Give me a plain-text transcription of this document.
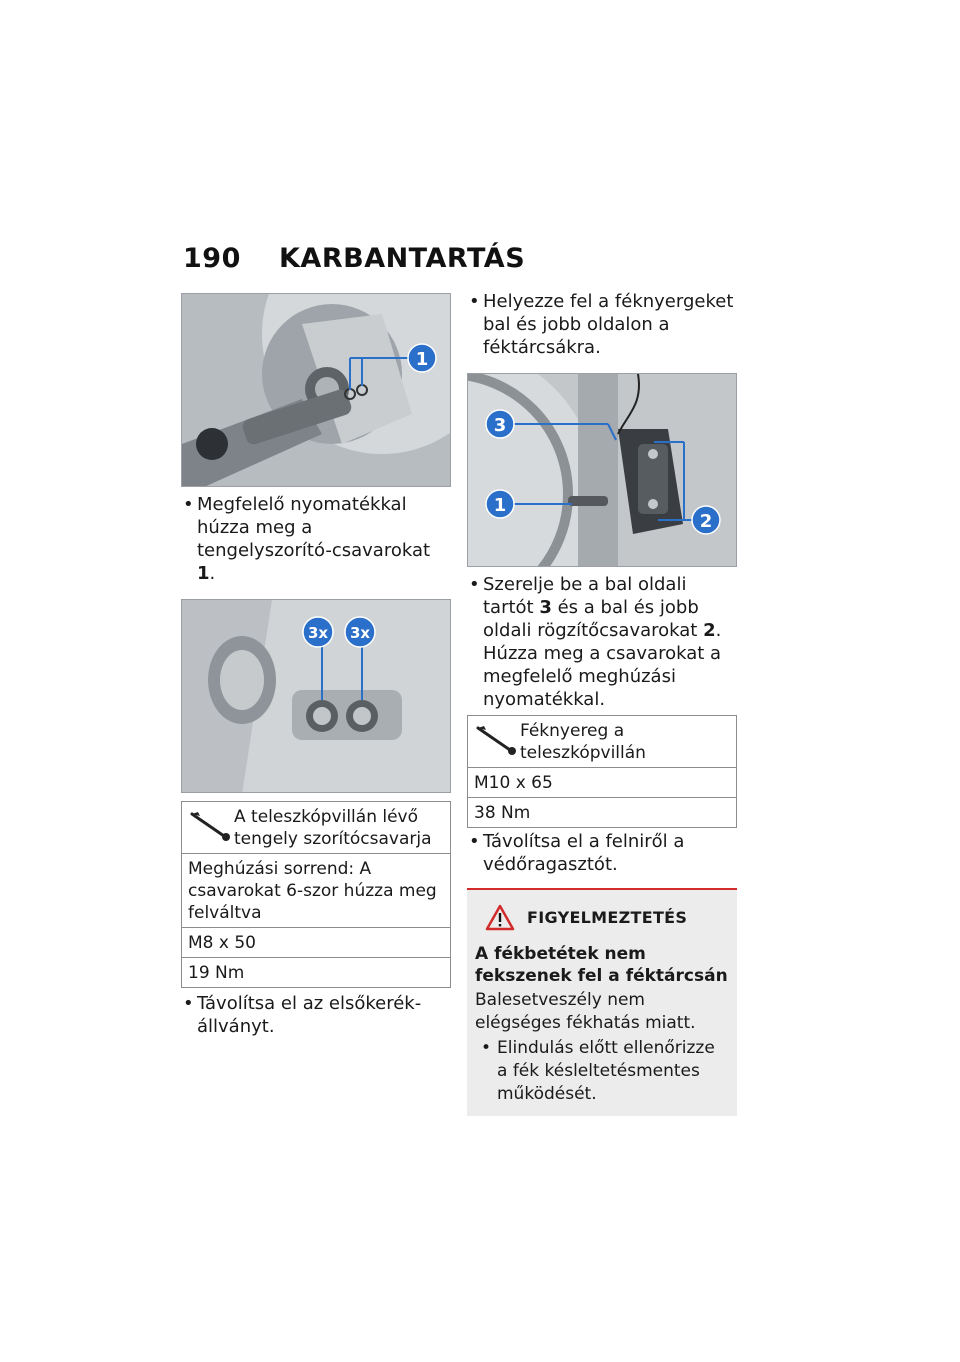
190 KARBANTARTÁS
1
• Megfelelő nyomatékkal húzza meg a tengelyszorító-csavarokat 1.
3x 3x
A teleszkópvillán lévő tengely szorítócsavarja
Meghúzási sorrend: A csavarokat 6-szor húzza meg felváltva
M8 x 50
19 Nm
• Távolítsa el az elsőkerék-állványt.
• Helyezze fel a féknyergeket bal és jobb oldalon a féktárcsákra.
3
1
2
• Szerelje be a bal oldali tartót 3 és a bal és jobb oldali rögzítőcsavarokat 2. Húzza meg a csavarokat a megfelelő meghúzási nyomatékkal.
Féknyereg a teleszkópvillán
M10 x 65
38 Nm
• Távolítsa el a felniről a védőragasztót.
FIGYELMEZTETÉS
A fékbetétek nem fekszenek fel a féktárcsán
Balesetveszély nem elégséges fékhatás miatt.
• Elindulás előtt ellenőrizze a fék késleltetésmentes működését.
